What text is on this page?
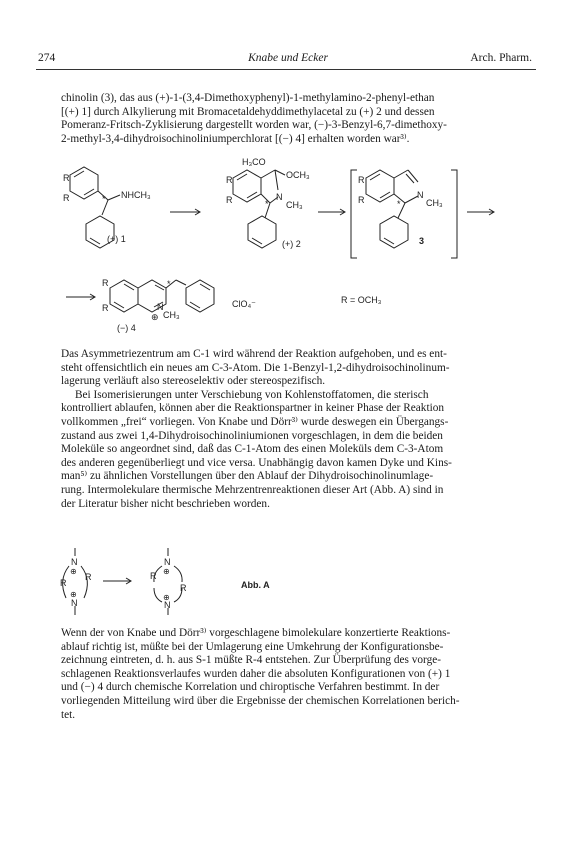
274	Knabe und Ecker	Arch. Pharm.
chinolin (3), das aus (+)-1-(3,4-Dimethoxyphenyl)-1-methylamino-2-phenyl-ethan
[(+) 1] durch Alkylierung mit Bromacetaldehyddimethylacetal zu (+) 2 und dessen
Pomeranz-Fritsch-Zyklisierung dargestellt worden war, (−)-3-Benzyl-6,7-dimethoxy-
2-methyl-3,4-dihydroisochinoliniumperchlorat [(−) 4] erhalten worden war³⁾.
R
R	* NHCH₃
(+) 1
H₃CO
OCH₃
R
R	*
N
CH₃
(+) 2
R
R	*
N
CH₃
3
R
R
*
N
CH₃
⊕
(−) 4
ClO₄⁻	R = OCH₃
Das Asymmetriezentrum am C-1 wird während der Reaktion aufgehoben, und es ent-
steht offensichtlich ein neues am C-3-Atom. Die 1-Benzyl-1,2-dihydroisochinolinum-
lagerung verläuft also stereoselektiv oder stereospezifisch.
Bei Isomerisierungen unter Verschiebung von Kohlenstoffatomen, die sterisch
kontrolliert ablaufen, können aber die Reaktionspartner in keiner Phase der Reaktion
vollkommen „frei“ vorliegen. Von Knabe und Dörr³⁾ wurde deswegen ein Übergangs-
zustand aus zwei 1,4-Dihydroisochinoliniumionen vorgeschlagen, in dem die beiden
Moleküle so angeordnet sind, daß das C-1-Atom des einen Moleküls dem C-3-Atom
des anderen gegenüberliegt und vice versa. Unabhängig davon kamen Dyke und Kins-
man⁵⁾ zu ähnlichen Vorstellungen über den Ablauf der Dihydroisochinolinumlage-
rung. Intermolekulare thermische Mehrzentrenreaktionen dieser Art (Abb. A) sind in
der Literatur bisher nicht beschrieben worden.
N
⊕
R
R
⊕
N
N
⊕
R
R
⊕
N
Abb. A
Wenn der von Knabe und Dörr³⁾ vorgeschlagene bimolekulare konzertierte Reaktions-
ablauf richtig ist, müßte bei der Umlagerung eine Umkehrung der Konfigurationsbe-
zeichnung eintreten, d. h. aus S-1 müßte R-4 entstehen. Zur Überprüfung des vorge-
schlagenen Reaktionsverlaufes wurden daher die absoluten Konfigurationen von (+) 1
und (−) 4 durch chemische Korrelation und chiroptische Verfahren bestimmt. In der
vorliegenden Mitteilung wird über die Ergebnisse der chemischen Korrelationen berich-
tet.
